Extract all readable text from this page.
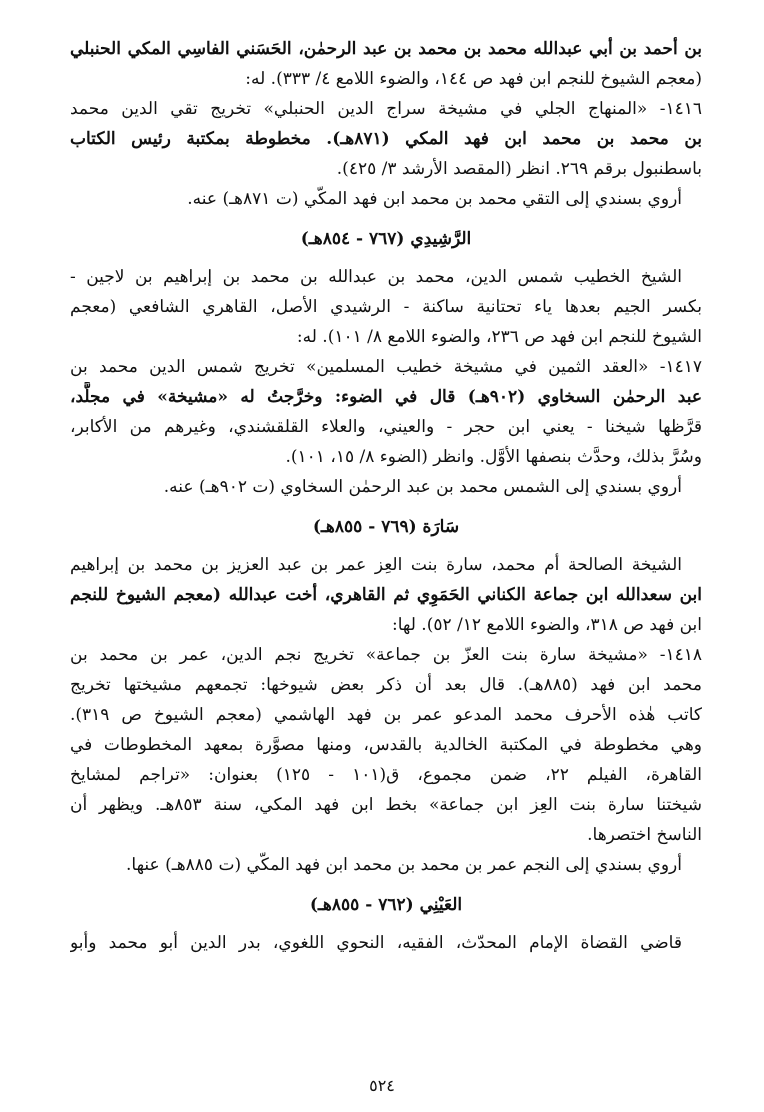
بن أحمد بن أبي عبدالله محمد بن محمد بن عبد الرحمٰن، الحَسَني الفاسِي المكي الحنبلي
(معجم الشيوخ للنجم ابن فهد ص ١٤٤، والضوء اللامع ٤/ ٣٣٣). له:
١٤١٦- «المنهاج الجلي في مشيخة سراج الدين الحنبلي» تخريج تقي الدين محمد
بن محمد بن محمد ابن فهد المكي (٨٧١هـ). مخطوطة بمكتبة رئيس الكتاب
باسطنبول برقم ٢٦٩. انظر (المقصد الأرشد ٣/ ٤٢٥).
أروي بسندي إلى التقي محمد بن محمد ابن فهد المكّي (ت ٨٧١هـ) عنه.
الرَّشِيدِي (٧٦٧ - ٨٥٤هـ)
الشيخ الخطيب شمس الدين، محمد بن عبدالله بن محمد بن إبراهيم بن لاجين -
بكسر الجيم بعدها ياء تحتانية ساكنة - الرشيدي الأصل، القاهري الشافعي (معجم
الشيوخ للنجم ابن فهد ص ٢٣٦، والضوء اللامع ٨/ ١٠١). له:
١٤١٧- «العقد الثمين في مشيخة خطيب المسلمين» تخريج شمس الدين محمد بن
عبد الرحمٰن السخاوي (٩٠٢هـ) قال في الضوء: وخرَّجتُ له «مشيخة» في مجلَّد،
قرَّظها شيخنا - يعني ابن حجر - والعيني، والعلاء القلقشندي، وغيرهم من الأكابر،
وسُرَّ بذلك، وحدَّث بنصفها الأوَّل. وانظر (الضوء ٨/ ١٥، ١٠١).
أروي بسندي إلى الشمس محمد بن عبد الرحمٰن السخاوي (ت ٩٠٢هـ) عنه.
سَارَة (٧٦٩ - ٨٥٥هـ)
الشيخة الصالحة أم محمد، سارة بنت العِز عمر بن عبد العزيز بن محمد بن إبراهيم
ابن سعدالله ابن جماعة الكناني الحَمَوِي ثم القاهري، أخت عبدالله (معجم الشيوخ للنجم
ابن فهد ص ٣١٨، والضوء اللامع ١٢/ ٥٢). لها:
١٤١٨- «مشيخة سارة بنت العزّ بن جماعة» تخريج نجم الدين، عمر بن محمد بن
محمد ابن فهد (٨٨٥هـ). قال بعد أن ذكر بعض شيوخها: تجمعهم مشيختها تخريج
كاتب هٰذه الأحرف محمد المدعو عمر بن فهد الهاشمي (معجم الشيوخ ص ٣١٩).
وهي مخطوطة في المكتبة الخالدية بالقدس، ومنها مصوَّرة بمعهد المخطوطات في
القاهرة، الفيلم ٢٢، ضمن مجموع، ق(١٠١ - ١٢٥) بعنوان: «تراجم لمشايخ
شيختنا سارة بنت العِز ابن جماعة» بخط ابن فهد المكي، سنة ٨٥٣هـ. ويظهر أن
الناسخ اختصرها.
أروي بسندي إلى النجم عمر بن محمد بن محمد ابن فهد المكّي (ت ٨٨٥هـ) عنها.
العَيْنِي (٧٦٢ - ٨٥٥هـ)
قاضي القضاة الإمام المحدّث، الفقيه، النحوي اللغوي، بدر الدين أبو محمد وأبو
٥٢٤
